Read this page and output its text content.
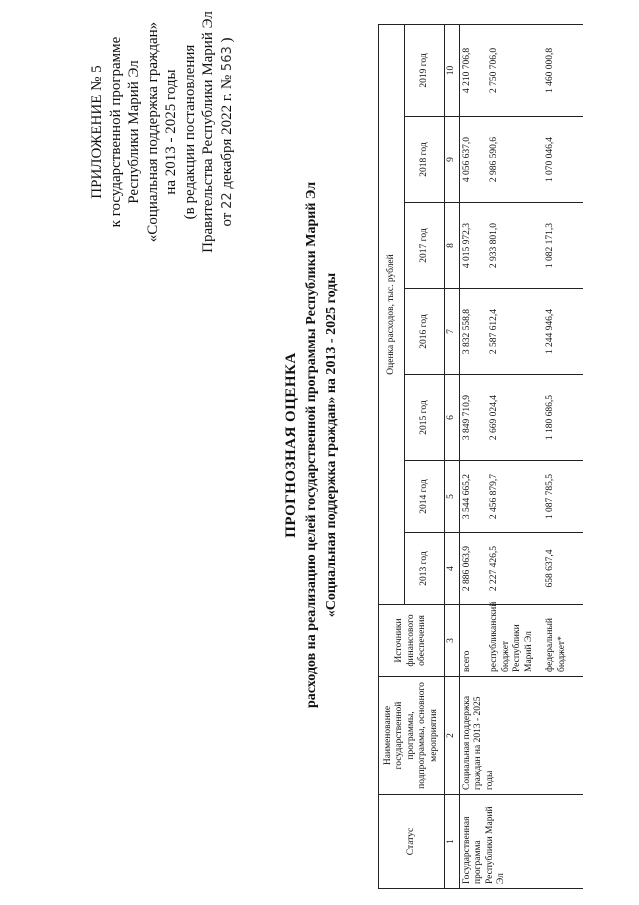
ПРИЛОЖЕНИЕ № 5 к государственной программе Республики Марий Эл «Социальная поддержка граждан» на 2013 - 2025 годы (в редакции постановления Правительства Республики Марий Эл от 22 декабря 2022 г. № 563 )
ПРОГНОЗНАЯ ОЦЕНКА расходов на реализацию целей государственной программы Республики Марий Эл «Социальная поддержка граждан» на 2013 - 2025 годы
Статус	Наименование государственной программы, подпрограммы, основного мероприятия	Источники финансового обеспечения	Оценка расходов, тыс. рублей						
			2013 год	2014 год	2015 год	2016 год	2017 год	2018 год	2019 год
1	2	3	4	5	6	7	8	9	10

Государственная программа Республики Марий Эл	Социальная поддержка граждан на 2013 - 2025 годы	всего	2 886 063,9	3 544 665,2	3 849 710,9	3 832 558,8	4 015 972,3	4 056 637,0	4 210 706,8
		республиканский бюджет Республики Марий Эл	2 227 426,5	2 456 879,7	2 669 024,4	2 587 612,4	2 933 801,0	2 986 590,6	2 750 706,0
		федеральный бюджет*	658 637,4	1 087 785,5	1 180 686,5	1 244 946,4	1 082 171,3	1 070 046,4	1 460 000,8
